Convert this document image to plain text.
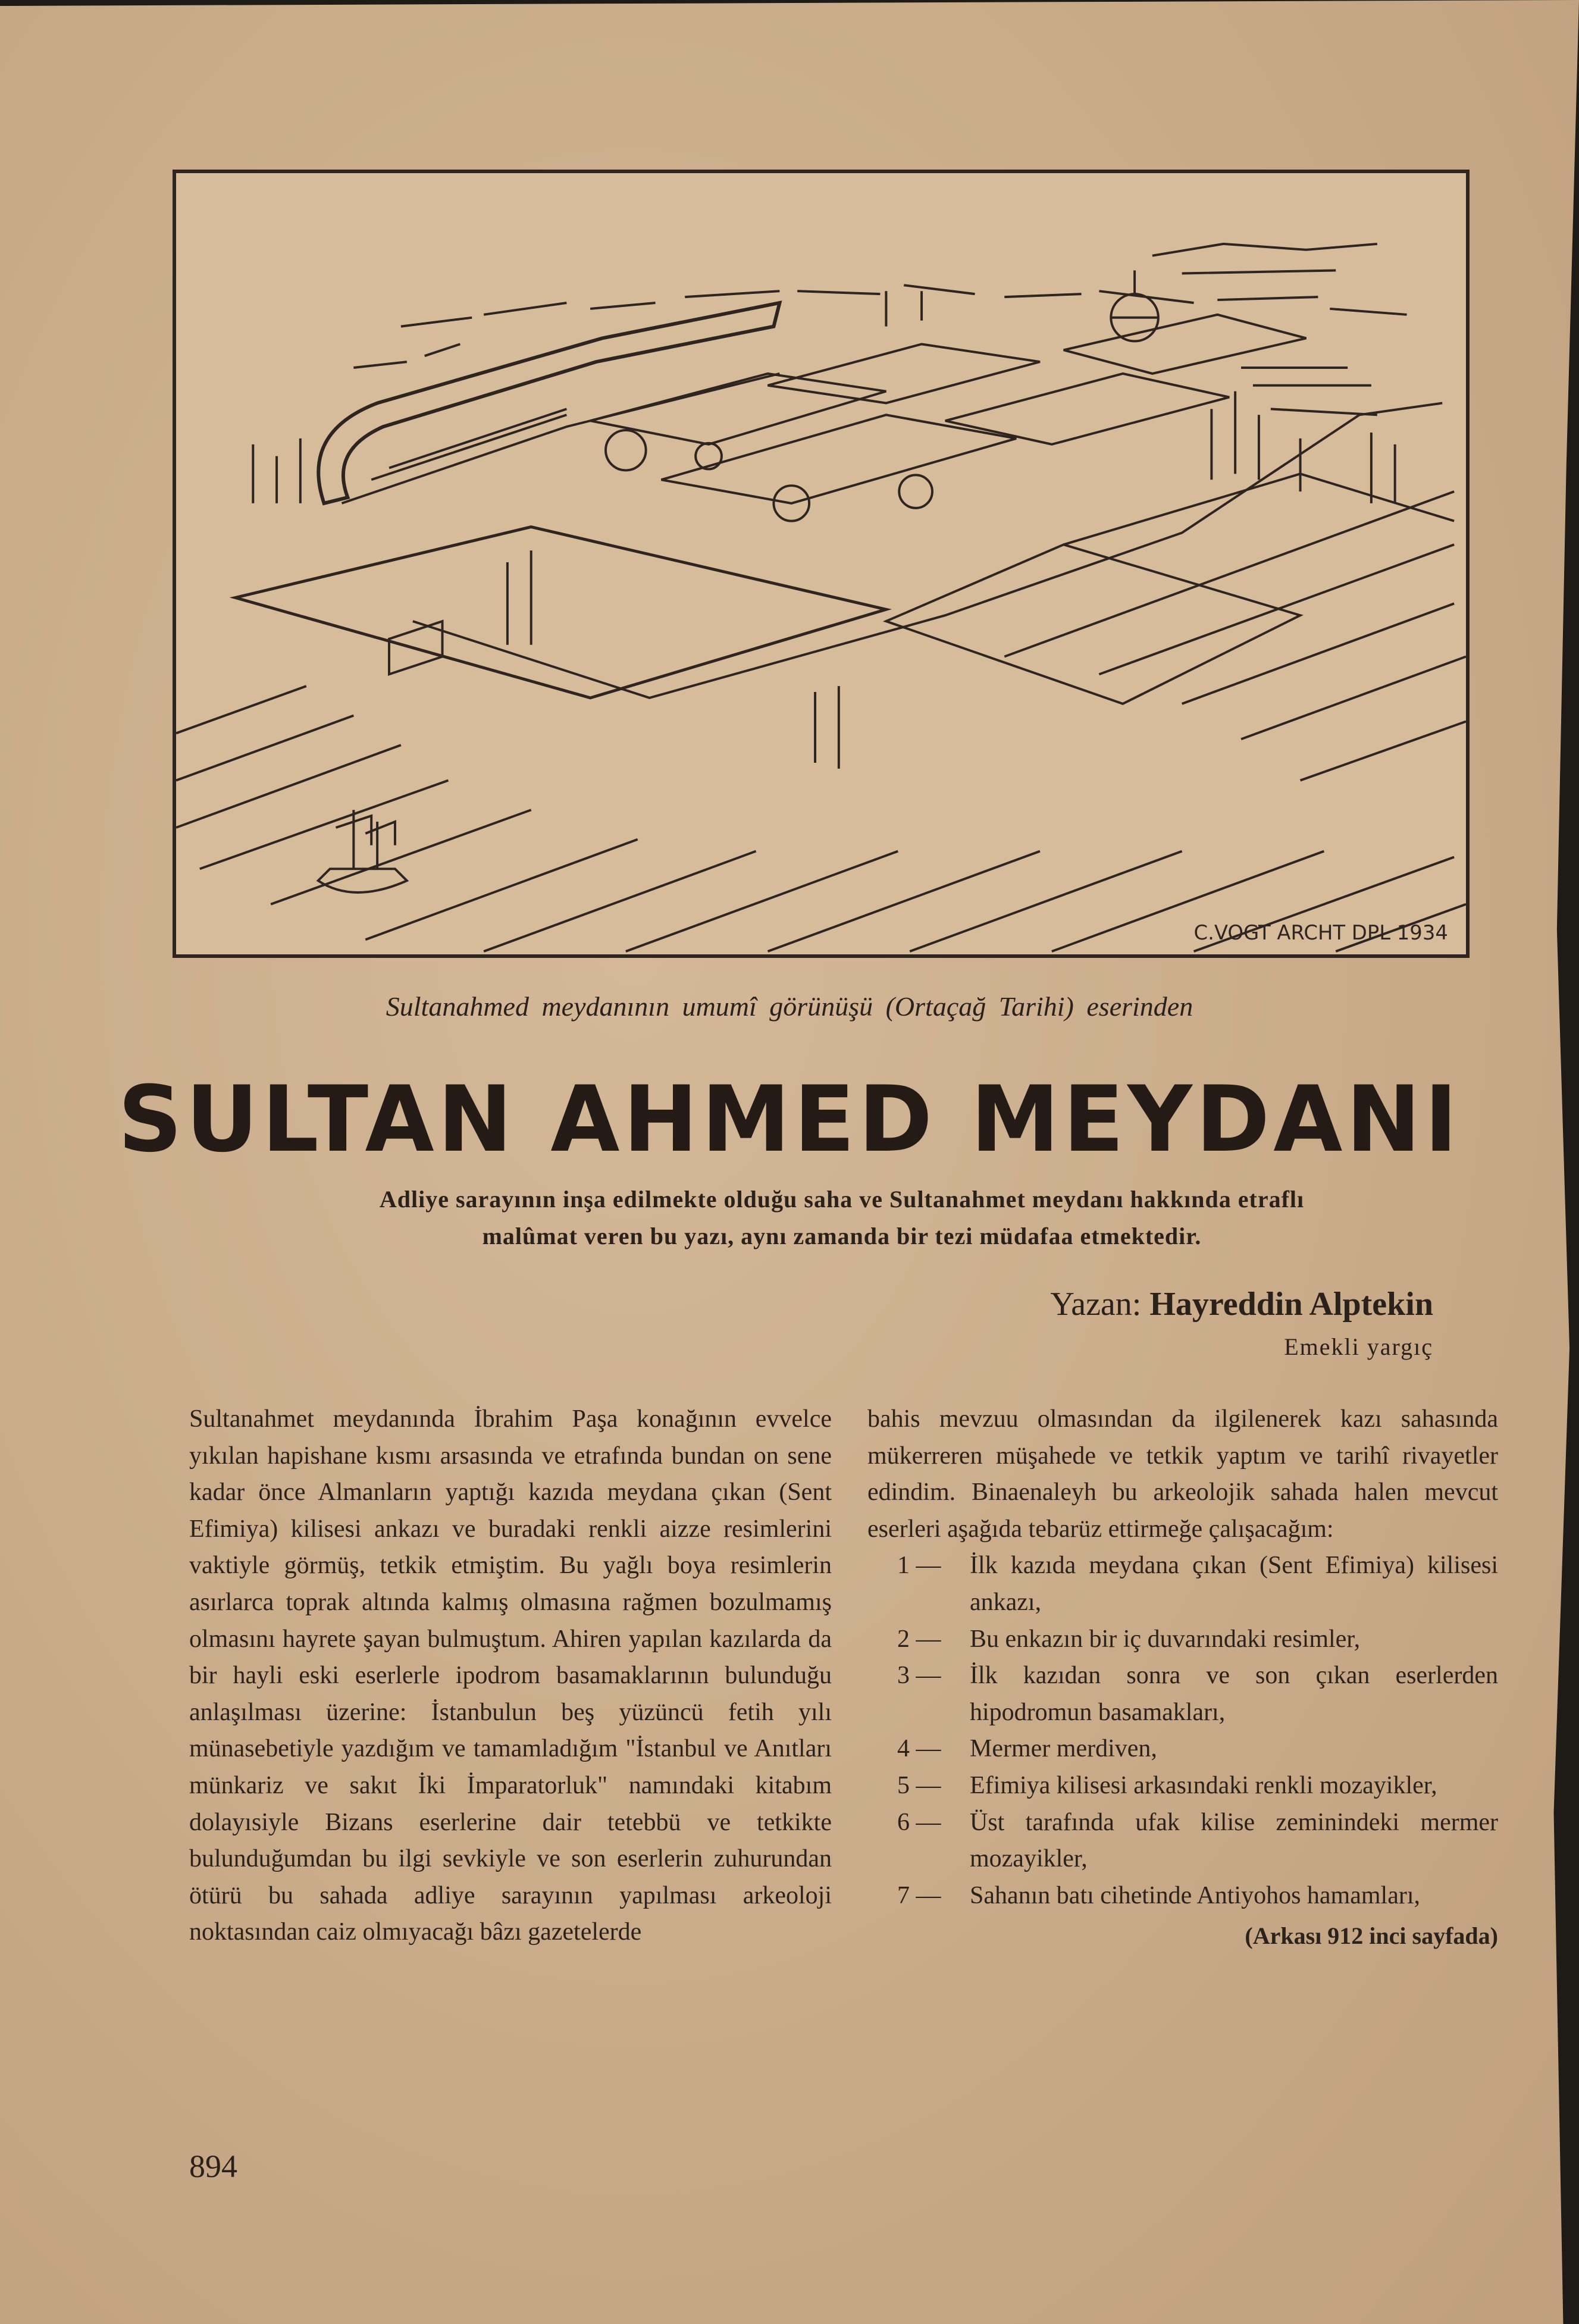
C.VOGT ARCHT DPL 1934
Sultanahmed meydanının umumî görünüşü (Ortaçağ Tarihi) eserinden
SULTAN AHMED MEYDANI
Adliye sarayının inşa edilmekte olduğu saha ve Sultanahmet meydanı hakkında etraflı
malûmat veren bu yazı, aynı zamanda bir tezi müdafaa etmektedir.
Yazan: Hayreddin Alptekin
Emekli yargıç
Sultanahmet meydanında İbrahim Paşa konağının evvelce yıkılan hapishane kısmı arsasında ve etrafında bundan on sene kadar önce Almanların yaptığı kazıda meydana çıkan (Sent Efimiya) kilisesi ankazı ve buradaki renkli aizze resimlerini vaktiyle görmüş, tetkik etmiştim. Bu yağlı boya resimlerin asırlarca toprak altında kalmış olmasına rağmen bozulmamış olmasını hayrete şayan bulmuştum. Ahiren yapılan kazılarda da bir hayli eski eserlerle ipodrom basamaklarının bulunduğu anlaşılması üzerine: İstanbulun beş yüzüncü fetih yılı münasebetiyle yazdığım ve tamamladığım "İstanbul ve Anıtları münkariz ve sakıt İki İmparatorluk" namındaki kitabım dolayısiyle Bizans eserlerine dair tetebbü ve tetkikte bulunduğumdan bu ilgi sevkiyle ve son eserlerin zuhurundan ötürü bu sahada adliye sarayının yapılması arkeoloji noktasından caiz olmıyacağı bâzı gazetelerde
bahis mevzuu olmasından da ilgilenerek kazı sahasında mükerreren müşahede ve tetkik yaptım ve tarihî rivayetler edindim. Binaenaleyh bu arkeolojik sahada halen mevcut eserleri aşağıda tebarüz ettirmeğe çalışacağım:
1 —	İlk kazıda meydana çıkan (Sent Efimiya) kilisesi ankazı,
2 —	Bu enkazın bir iç duvarındaki resimler,
3 —	İlk kazıdan sonra ve son çıkan eserlerden hipodromun basamakları,
4 —	Mermer merdiven,
5 —	Efimiya kilisesi arkasındaki renkli mozayikler,
6 —	Üst tarafında ufak kilise zeminindeki mermer mozayikler,
7 —	Sahanın batı cihetinde Antiyohos hamamları,
(Arkası 912 inci sayfada)
894
